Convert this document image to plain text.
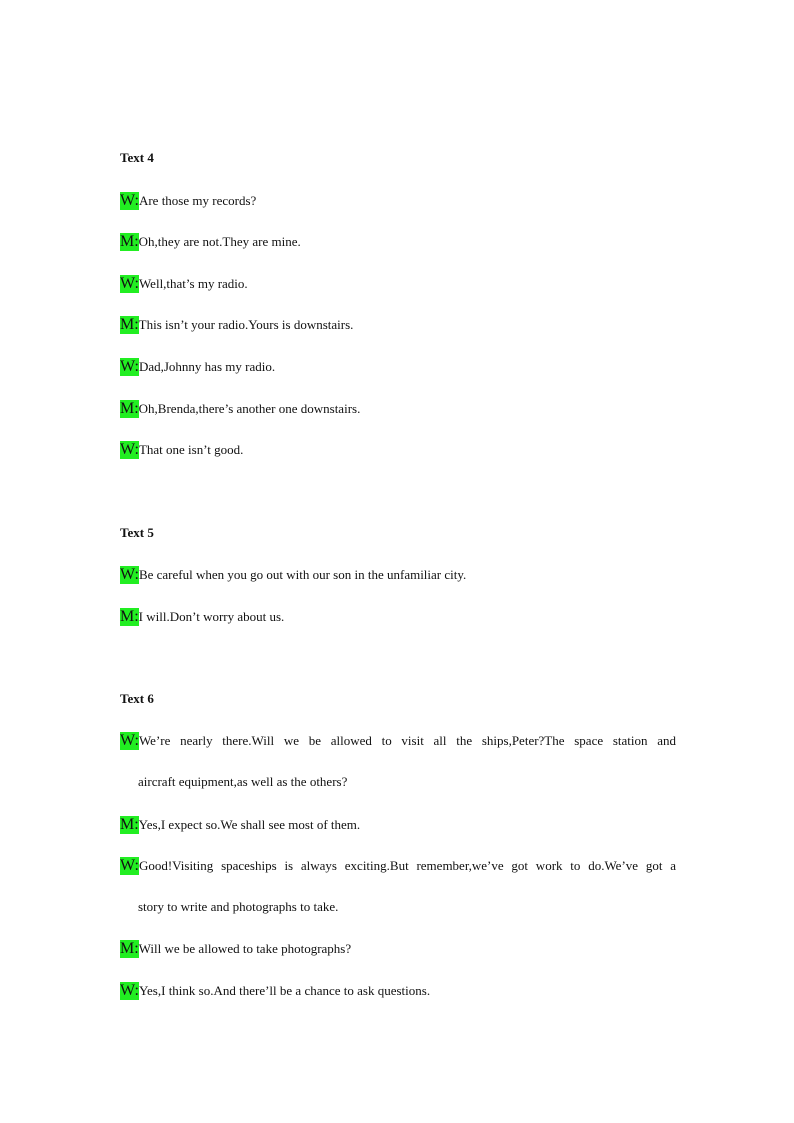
Text 4
W:Are those my records?
M:Oh,they are not.They are mine.
W:Well,that’s my radio.
M:This isn’t your radio.Yours is downstairs.
W:Dad,Johnny has my radio.
M:Oh,Brenda,there’s another one downstairs.
W:That one isn’t good.
Text 5
W:Be careful when you go out with our son in the unfamiliar city.
M:I will.Don’t worry about us.
Text 6
W:We’re nearly there.Will we be allowed to visit all the ships,Peter?The space station and
aircraft equipment,as well as the others?
M:Yes,I expect so.We shall see most of them.
W:Good!Visiting spaceships is always exciting.But remember,we’ve got work to do.We’ve got a
story to write and photographs to take.
M:Will we be allowed to take photographs?
W:Yes,I think so.And there’ll be a chance to ask questions.
